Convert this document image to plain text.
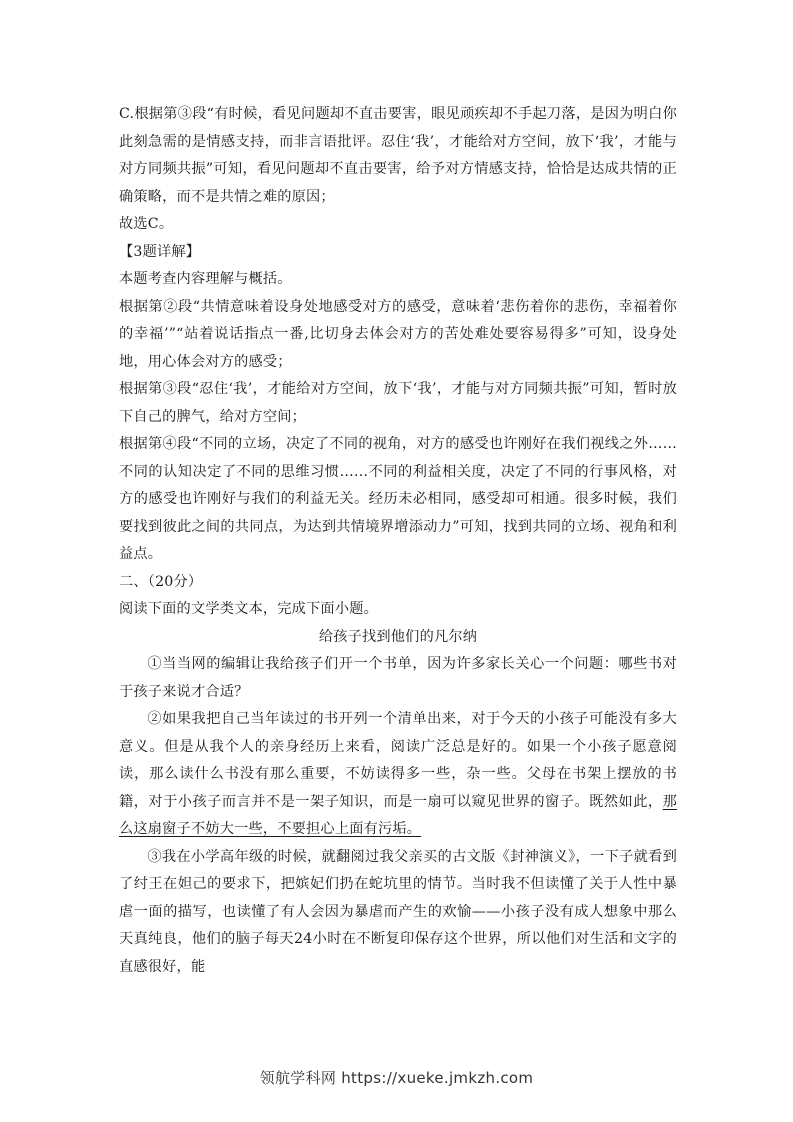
C.根据第③段“有时候，看见问题却不直击要害，眼见顽疾却不手起刀落，是因为明白你此刻急需的是情感支持，而非言语批评。忍住‘我’，才能给对方空间，放下‘我’，才能与对方同频共振”可知，看见问题却不直击要害，给予对方情感支持，恰恰是达成共情的正确策略，而不是共情之难的原因；

故选C。

【3题详解】

本题考查内容理解与概括。

根据第②段“共情意味着设身处地感受对方的感受，意味着‘悲伤着你的悲伤，幸福着你的幸福’”“站着说话指点一番,比切身去体会对方的苦处难处要容易得多”可知，设身处地，用心体会对方的感受；

根据第③段“忍住‘我’，才能给对方空间，放下‘我’，才能与对方同频共振”可知，暂时放下自己的脾气，给对方空间；

根据第④段“不同的立场，决定了不同的视角，对方的感受也许刚好在我们视线之外……不同的认知决定了不同的思维习惯……不同的利益相关度，决定了不同的行事风格，对方的感受也许刚好与我们的利益无关。经历未必相同，感受却可相通。很多时候，我们要找到彼此之间的共同点，为达到共情境界增添动力”可知，找到共同的立场、视角和利益点。

二、（20分）

阅读下面的文学类文本，完成下面小题。

给孩子找到他们的凡尔纳

①当当网的编辑让我给孩子们开一个书单，因为许多家长关心一个问题：哪些书对于孩子来说才合适？

②如果我把自己当年读过的书开列一个清单出来，对于今天的小孩子可能没有多大意义。但是从我个人的亲身经历上来看，阅读广泛总是好的。如果一个小孩子愿意阅读，那么读什么书没有那么重要，不妨读得多一些，杂一些。父母在书架上摆放的书籍，对于小孩子而言并不是一架子知识，而是一扇可以窥见世界的窗子。既然如此，那么这扇窗子不妨大一些，不要担心上面有污垢。

③我在小学高年级的时候，就翻阅过我父亲买的古文版《封神演义》，一下子就看到了纣王在妲己的要求下，把嫔妃们扔在蛇坑里的情节。当时我不但读懂了关于人性中暴虐一面的描写，也读懂了有人会因为暴虐而产生的欢愉——小孩子没有成人想象中那么天真纯良，他们的脑子每天24小时在不断复印保存这个世界，所以他们对生活和文字的直感很好，能

领航学科网 https://xueke.jmkzh.com
